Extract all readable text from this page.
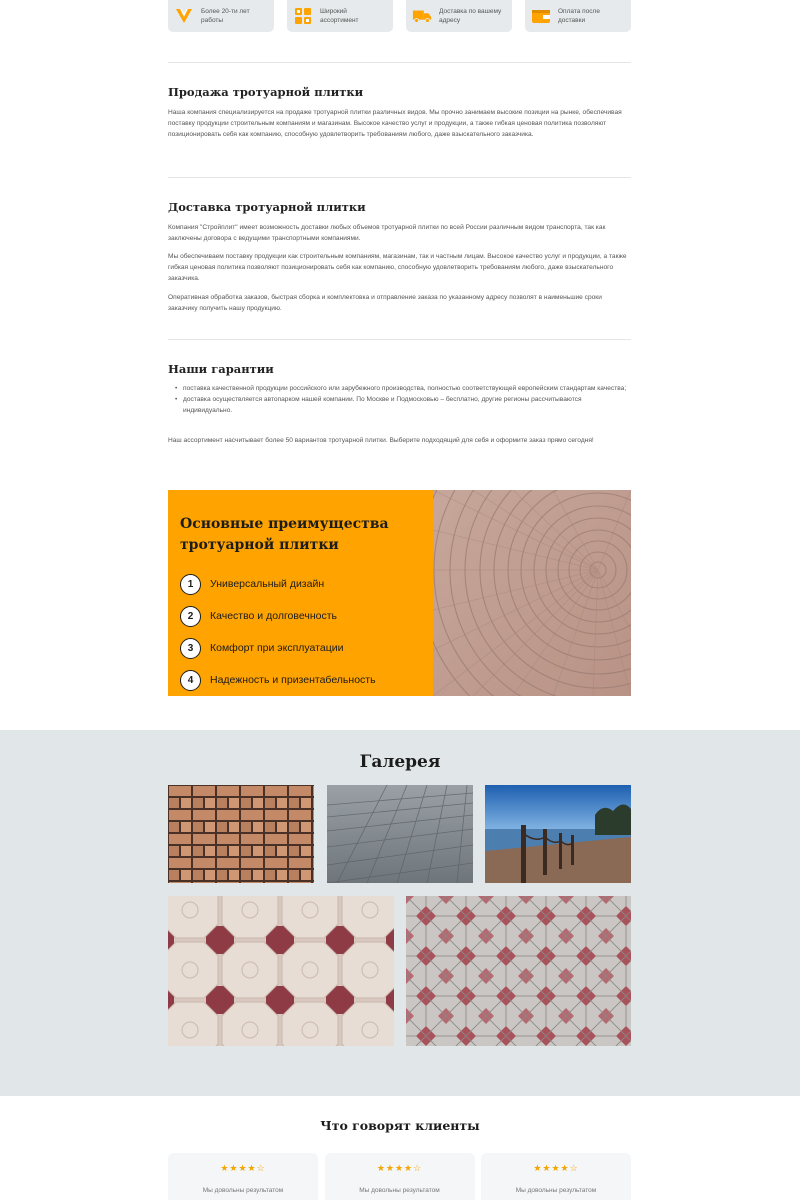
Более 20-ти лет работы
Широкий ассортимент
Доставка по вашему адресу
Оплата после доставки
Продажа тротуарной плитки

Наша компания специализируется на продаже тротуарной плитки различных видов. Мы прочно занимаем высокие позиции на рынке, обеспечивая поставку продукции строительным компаниям и магазинам. Высокое качество услуг и продукции, а также гибкая ценовая политика позволяют позиционировать себя как компанию, способную удовлетворить требованиям любого, даже взыскательного заказчика.

Доставка тротуарной плитки

Компания "Стройплит" имеет возможность доставки любых объемов тротуарной плитки по всей России различным видом транспорта, так как заключены договора с ведущими транспортными компаниями.

Мы обеспечиваем поставку продукции как строительным компаниям, магазинам, так и частным лицам. Высокое качество услуг и продукции, а также гибкая ценовая политика позволяют позиционировать себя как компанию, способную удовлетворить требованиям любого, даже взыскательного заказчика.

Оперативная обработка заказов, быстрая сборка и комплектовка и отправление заказа по указанному адресу позволят в наименьшие сроки заказчику получить нашу продукцию.

Наши гарантии
• поставка качественной продукции российского или зарубежного производства, полностью соответствующей европейским стандартам качества;
• доставка осуществляется автопарком нашей компании. По Москве и Подмосковью – бесплатно, другие регионы рассчитываются индивидуально.

Наш ассортимент насчитывает более 50 вариантов тротуарной плитки. Выберите подходящий для себя и оформите заказ прямо сегодня!

Основные преимущества тротуарной плитки
1	Универсальный дизайн
2	Качество и долговечность
3	Комфорт при эксплуатации
4	Надежность и призентабельность
Галерея
Что говорят клиенты
★★★★☆
Мы довольны результатом
★★★★☆
Мы довольны результатом
★★★★☆
Мы довольны результатом
